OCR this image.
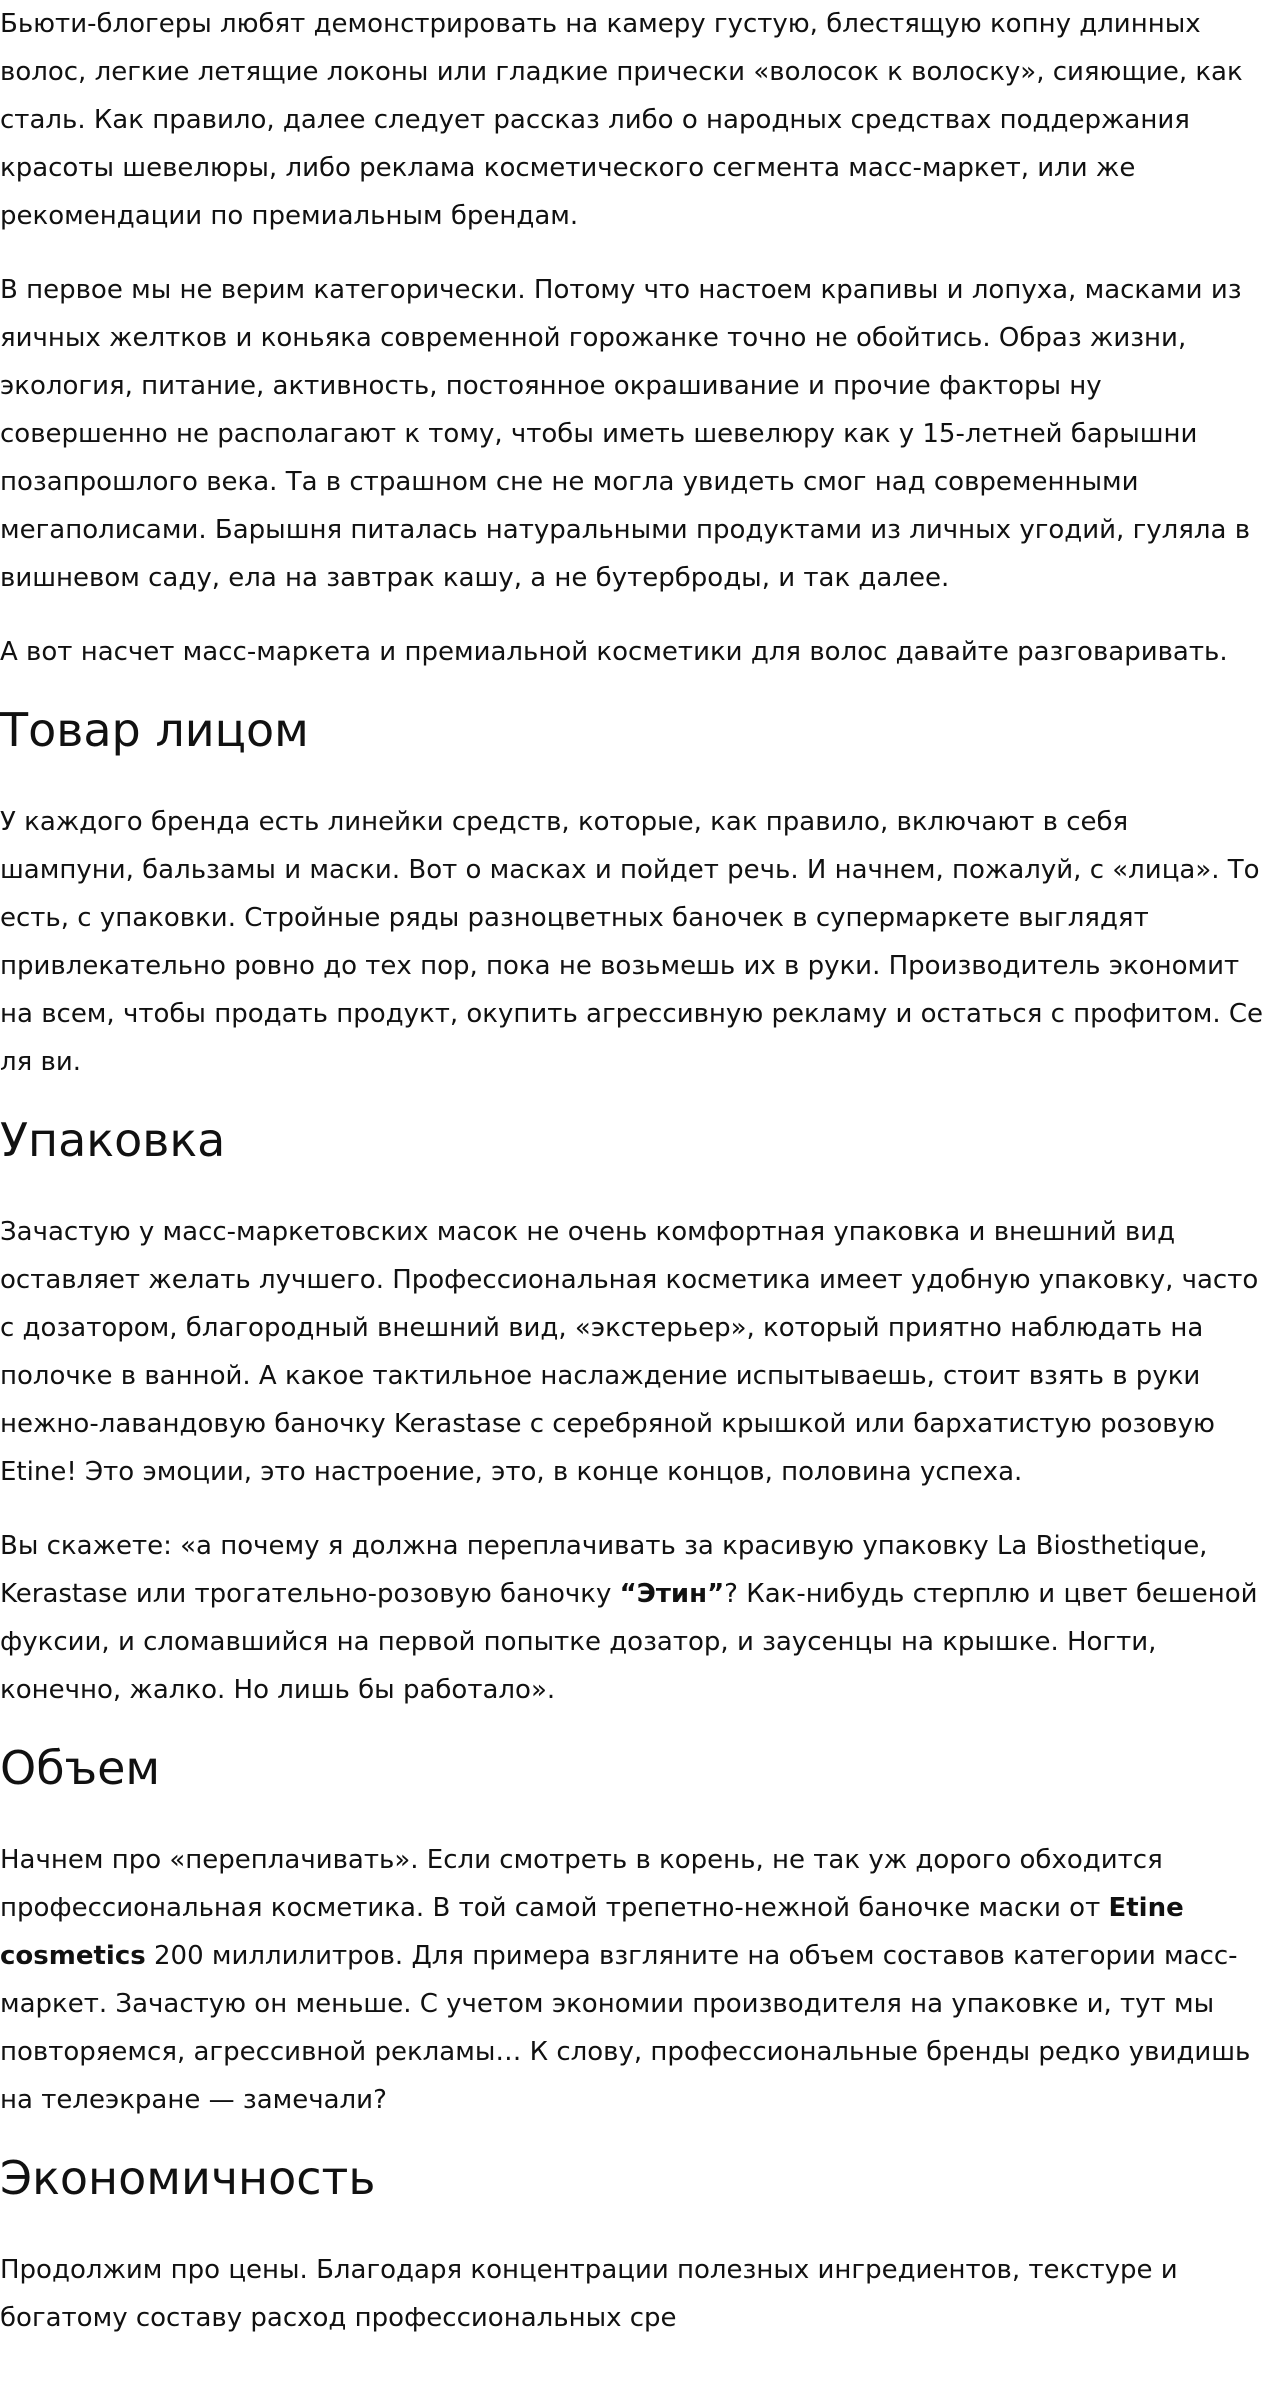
Бьюти-блогеры любят демонстрировать на камеру густую, блестящую копну длинных волос, легкие летящие локоны или гладкие прически «волосок к волоску», сияющие, как сталь. Как правило, далее следует рассказ либо о народных средствах поддержания красоты шевелюры, либо реклама косметического сегмента масс-маркет, или же рекомендации по премиальным брендам.

В первое мы не верим категорически. Потому что настоем крапивы и лопуха, масками из яичных желтков и коньяка современной горожанке точно не обойтись. Образ жизни, экология, питание, активность, постоянное окрашивание и прочие факторы ну совершенно не располагают к тому, чтобы иметь шевелюру как у 15-летней барышни позапрошлого века. Та в страшном сне не могла увидеть смог над современными мегаполисами. Барышня питалась натуральными продуктами из личных угодий, гуляла в вишневом саду, ела на завтрак кашу, а не бутерброды, и так далее.

А вот насчет масс-маркета и премиальной косметики для волос давайте разговаривать.

Товар лицом

У каждого бренда есть линейки средств, которые, как правило, включают в себя шампуни, бальзамы и маски. Вот о масках и пойдет речь. И начнем, пожалуй, с «лица». То есть, с упаковки. Стройные ряды разноцветных баночек в супермаркете выглядят привлекательно ровно до тех пор, пока не возьмешь их в руки. Производитель экономит на всем, чтобы продать продукт, окупить агрессивную рекламу и остаться с профитом. Се ля ви.

Упаковка

Зачастую у масс-маркетовских масок не очень комфортная упаковка и внешний вид оставляет желать лучшего. Профессиональная косметика имеет удобную упаковку, часто с дозатором, благородный внешний вид, «экстерьер», который приятно наблюдать на полочке в ванной. А какое тактильное наслаждение испытываешь, стоит взять в руки нежно-лавандовую баночку Kerastase с серебряной крышкой или бархатистую розовую Etine! Это эмоции, это настроение, это, в конце концов, половина успеха.

Вы скажете: «а почему я должна переплачивать за красивую упаковку La Biosthetique, Kerastase или трогательно-розовую баночку “Этин”? Как-нибудь стерплю и цвет бешеной фуксии, и сломавшийся на первой попытке дозатор, и заусенцы на крышке. Ногти, конечно, жалко. Но лишь бы работало».

Объем

Начнем про «переплачивать». Если смотреть в корень, не так уж дорого обходится профессиональная косметика. В той самой трепетно-нежной баночке маски от Etine cosmetics 200 миллилитров. Для примера взгляните на объем составов категории масс-маркет. Зачастую он меньше. С учетом экономии производителя на упаковке и, тут мы повторяемся, агрессивной рекламы… К слову, профессиональные бренды редко увидишь на телеэкране — замечали?

Экономичность

Продолжим про цены. Благодаря концентрации полезных ингредиентов, текстуре и богатому составу расход профессиональных сре
